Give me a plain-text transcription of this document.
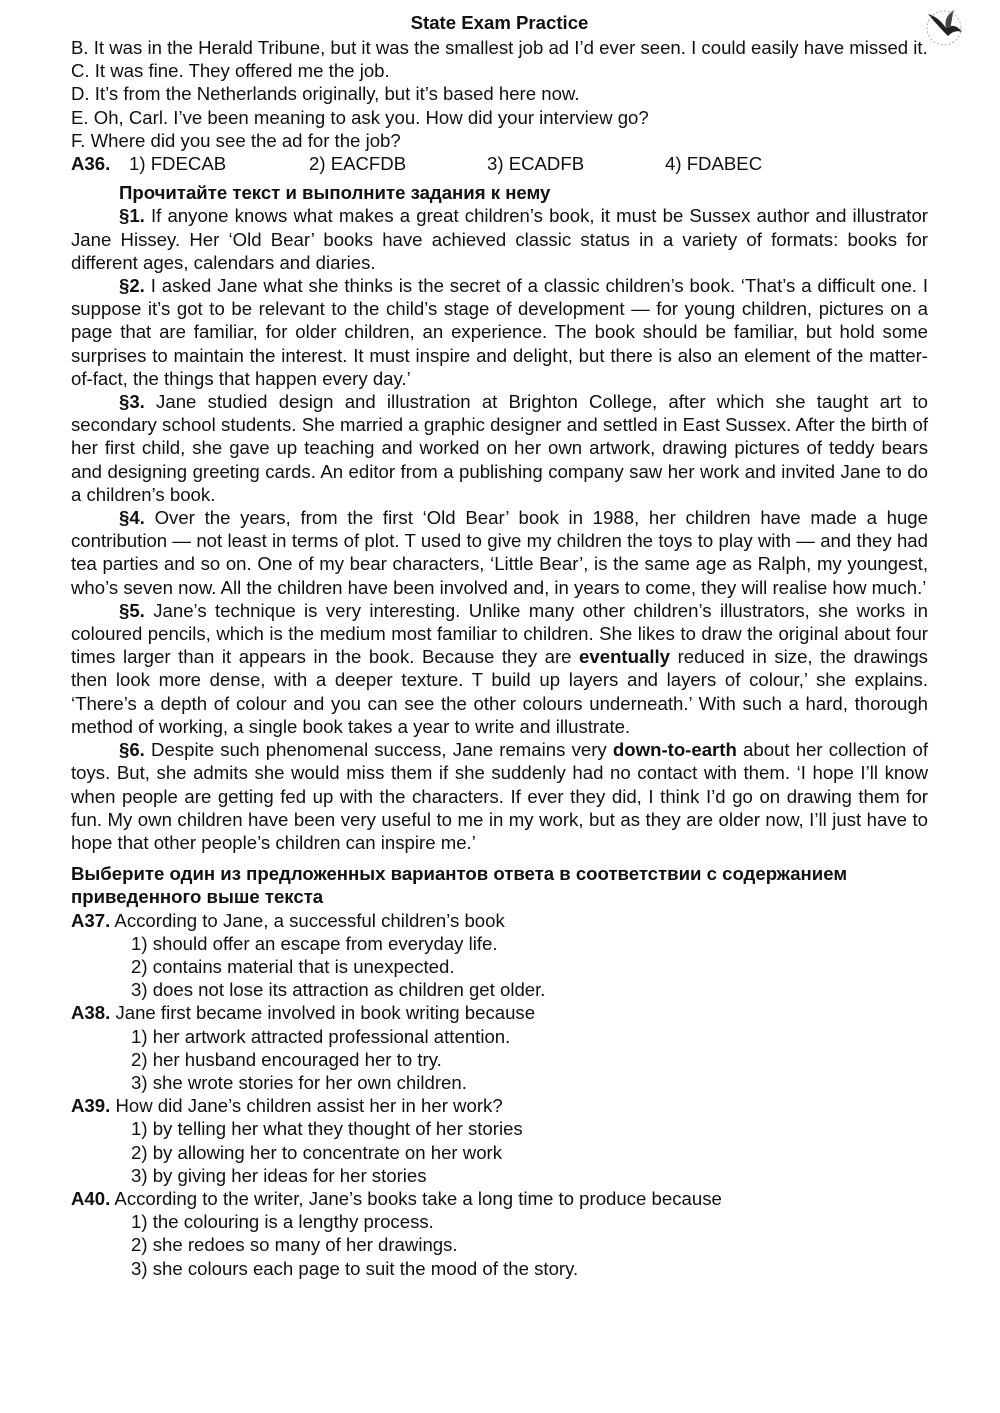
State Exam Practice

B. It was in the Herald Tribune, but it was the smallest job ad I’d ever seen. I could easily have missed it.

C. It was fine. They offered me the job.

D. It’s from the Netherlands originally, but it’s based here now.

E. Oh, Carl. I’ve been meaning to ask you. How did your interview go?

F. Where did you see the ad for the job?

A36.	1) FDECAB	2) EACFDB	3) ECADFB	4) FDABEC

Прочитайте текст и выполните задания к нему

§1. If anyone knows what makes a great children’s book, it must be Sussex author and illustrator Jane Hissey. Her ‘Old Bear’ books have achieved classic status in a variety of formats: books for different ages, calendars and diaries.

§2. I asked Jane what she thinks is the secret of a classic children’s book. ‘That’s a difficult one. I suppose it’s got to be relevant to the child’s stage of development — for young children, pictures on a page that are familiar, for older children, an experience. The book should be familiar, but hold some surprises to maintain the interest. It must inspire and delight, but there is also an element of the matter-of-fact, the things that happen every day.’

§3. Jane studied design and illustration at Brighton College, after which she taught art to secondary school students. She married a graphic designer and settled in East Sussex. After the birth of her first child, she gave up teaching and worked on her own artwork, drawing pictures of teddy bears and designing greeting cards. An editor from a publishing company saw her work and invited Jane to do a children’s book.

§4. Over the years, from the first ‘Old Bear’ book in 1988, her children have made a huge contribution — not least in terms of plot. T used to give my children the toys to play with — and they had tea parties and so on. One of my bear characters, ‘Little Bear’, is the same age as Ralph, my youngest, who’s seven now. All the children have been involved and, in years to come, they will realise how much.’

§5. Jane’s technique is very interesting. Unlike many other children’s illustrators, she works in coloured pencils, which is the medium most familiar to children. She likes to draw the original about four times larger than it appears in the book. Because they are eventually reduced in size, the drawings then look more dense, with a deeper texture. T build up layers and layers of colour,’ she explains. ‘There’s a depth of colour and you can see the other colours underneath.’ With such a hard, thorough method of working, a single book takes a year to write and illustrate.

§6. Despite such phenomenal success, Jane remains very down-to-earth about her collection of toys. But, she admits she would miss them if she suddenly had no contact with them. ‘I hope I’ll know when people are getting fed up with the characters. If ever they did, I think I’d go on drawing them for fun. My own children have been very useful to me in my work, but as they are older now, I’ll just have to hope that other people’s children can inspire me.’

Выберите один из предложенных вариантов ответа в соответствии с содержанием приведенного выше текста

A37. According to Jane, a successful children’s book

1) should offer an escape from everyday life.

2) contains material that is unexpected.

3) does not lose its attraction as children get older.

A38. Jane first became involved in book writing because

1) her artwork attracted professional attention.

2) her husband encouraged her to try.

3) she wrote stories for her own children.

A39. How did Jane’s children assist her in her work?

1) by telling her what they thought of her stories

2) by allowing her to concentrate on her work

3) by giving her ideas for her stories

A40. According to the writer, Jane’s books take a long time to produce because

1) the colouring is a lengthy process.

2) she redoes so many of her drawings.

3) she colours each page to suit the mood of the story.
